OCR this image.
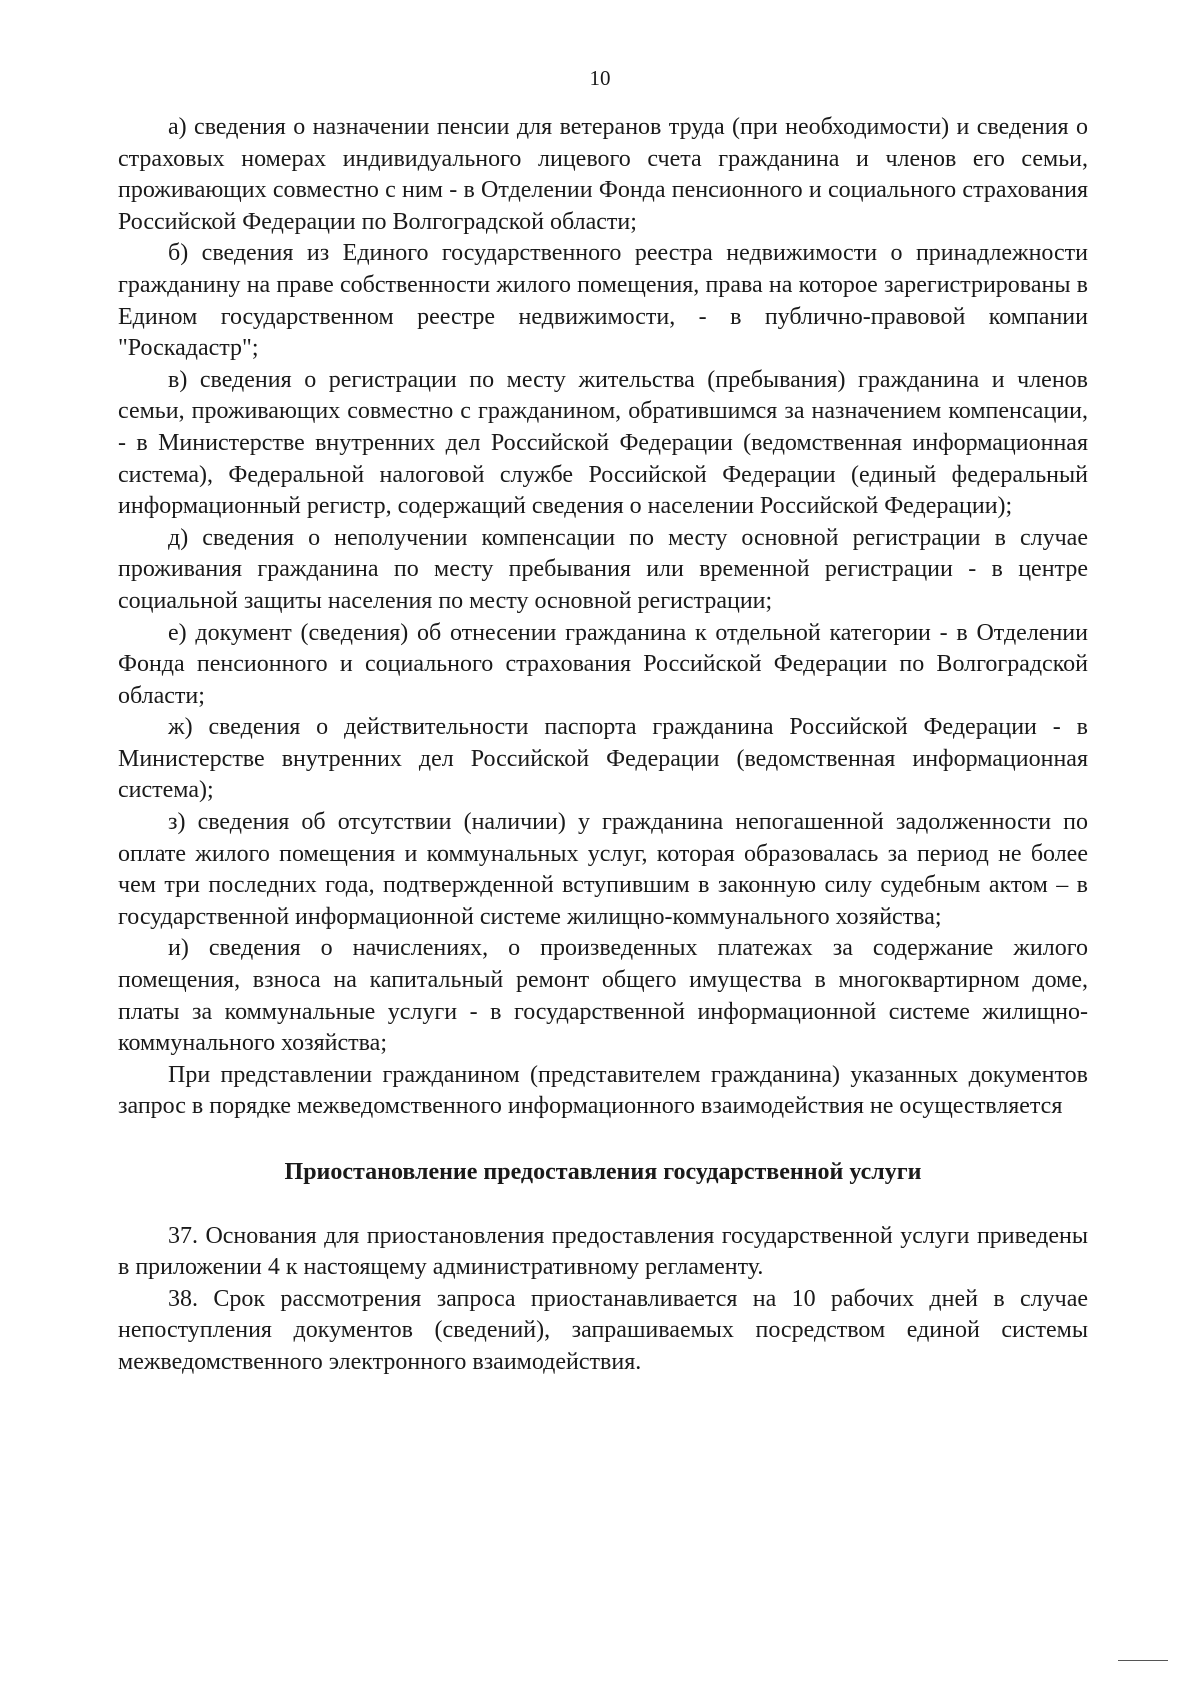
10

а) сведения о назначении пенсии для ветеранов труда (при необходимости) и сведения о страховых номерах индивидуального лицевого счета гражданина и членов его семьи, проживающих совместно с ним - в Отделении Фонда пенсионного и социального страхования Российской Федерации по Волгоградской области;

б) сведения из Единого государственного реестра недвижимости о принадлежности гражданину на праве собственности жилого помещения, права на которое зарегистрированы в Едином государственном реестре недвижимости, - в публично-правовой компании "Роскадастр";

в) сведения о регистрации по месту жительства (пребывания) гражданина и членов семьи, проживающих совместно с гражданином, обратившимся за назначением компенсации, - в Министерстве внутренних дел Российской Федерации (ведомственная информационная система), Федеральной налоговой службе Российской Федерации (единый федеральный информационный регистр, содержащий сведения о населении Российской Федерации);

д) сведения о неполучении компенсации по месту основной регистрации в случае проживания гражданина по месту пребывания или временной регистрации - в центре социальной защиты населения по месту основной регистрации;

е) документ (сведения) об отнесении гражданина к отдельной категории - в Отделении Фонда пенсионного и социального страхования Российской Федерации по Волгоградской области;

ж) сведения о действительности паспорта гражданина Российской Федерации - в Министерстве внутренних дел Российской Федерации (ведомственная информационная система);

з) сведения об отсутствии (наличии) у гражданина непогашенной задолженности по оплате жилого помещения и коммунальных услуг, которая образовалась за период не более чем три последних года, подтвержденной вступившим в законную силу судебным актом – в государственной информационной системе жилищно-коммунального хозяйства;

и) сведения о начислениях, о произведенных платежах за содержание жилого помещения, взноса на капитальный ремонт общего имущества в многоквартирном доме, платы за коммунальные услуги - в государственной информационной системе жилищно-коммунального хозяйства;

При представлении гражданином (представителем гражданина) указанных документов запрос в порядке межведомственного информационного взаимодействия не осуществляется

Приостановление предоставления государственной услуги

37. Основания для приостановления предоставления государственной услуги приведены в приложении 4 к настоящему административному регламенту.

38. Срок рассмотрения запроса приостанавливается на 10 рабочих дней в случае непоступления документов (сведений), запрашиваемых посредством единой системы межведомственного электронного взаимодействия.
